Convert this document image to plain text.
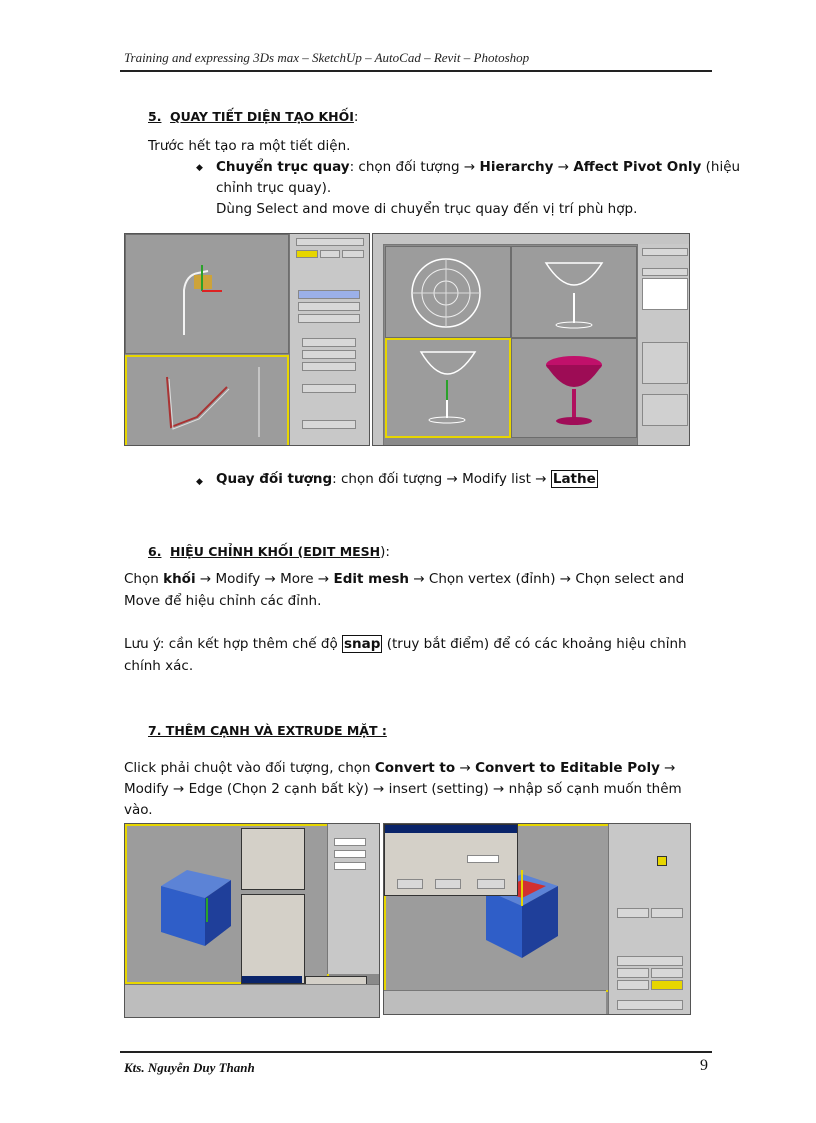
Training and expressing 3Ds max – SketchUp – AutoCad – Revit – Photoshop
5. QUAY TIẾT DIỆN TẠO KHỐI:
Trước hết tạo ra một tiết diện.
◆ Chuyển trục quay: chọn đối tượng → Hierarchy → Affect Pivot Only (hiệu
chỉnh trục quay).
Dùng Select and move di chuyển trục quay đến vị trí phù hợp.
◆ Quay đối tượng: chọn đối tượng → Modify list → Lathe
6. HIỆU CHỈNH KHỐI (EDIT MESH):
Chọn khối → Modify → More → Edit mesh → Chọn vertex (đỉnh) → Chọn select and
Move để hiệu chỉnh các đỉnh.
Lưu ý: cần kết hợp thêm chế độ snap (truy bắt điểm) để có các khoảng hiệu chỉnh
chính xác.
7. THÊM CẠNH VÀ EXTRUDE MẶT :
Click phải chuột vào đối tượng, chọn Convert to → Convert to Editable Poly →
Modify → Edge (Chọn 2 cạnh bất kỳ) → insert (setting) → nhập số cạnh muốn thêm
vào.
Kts. Nguyễn Duy Thanh	9
